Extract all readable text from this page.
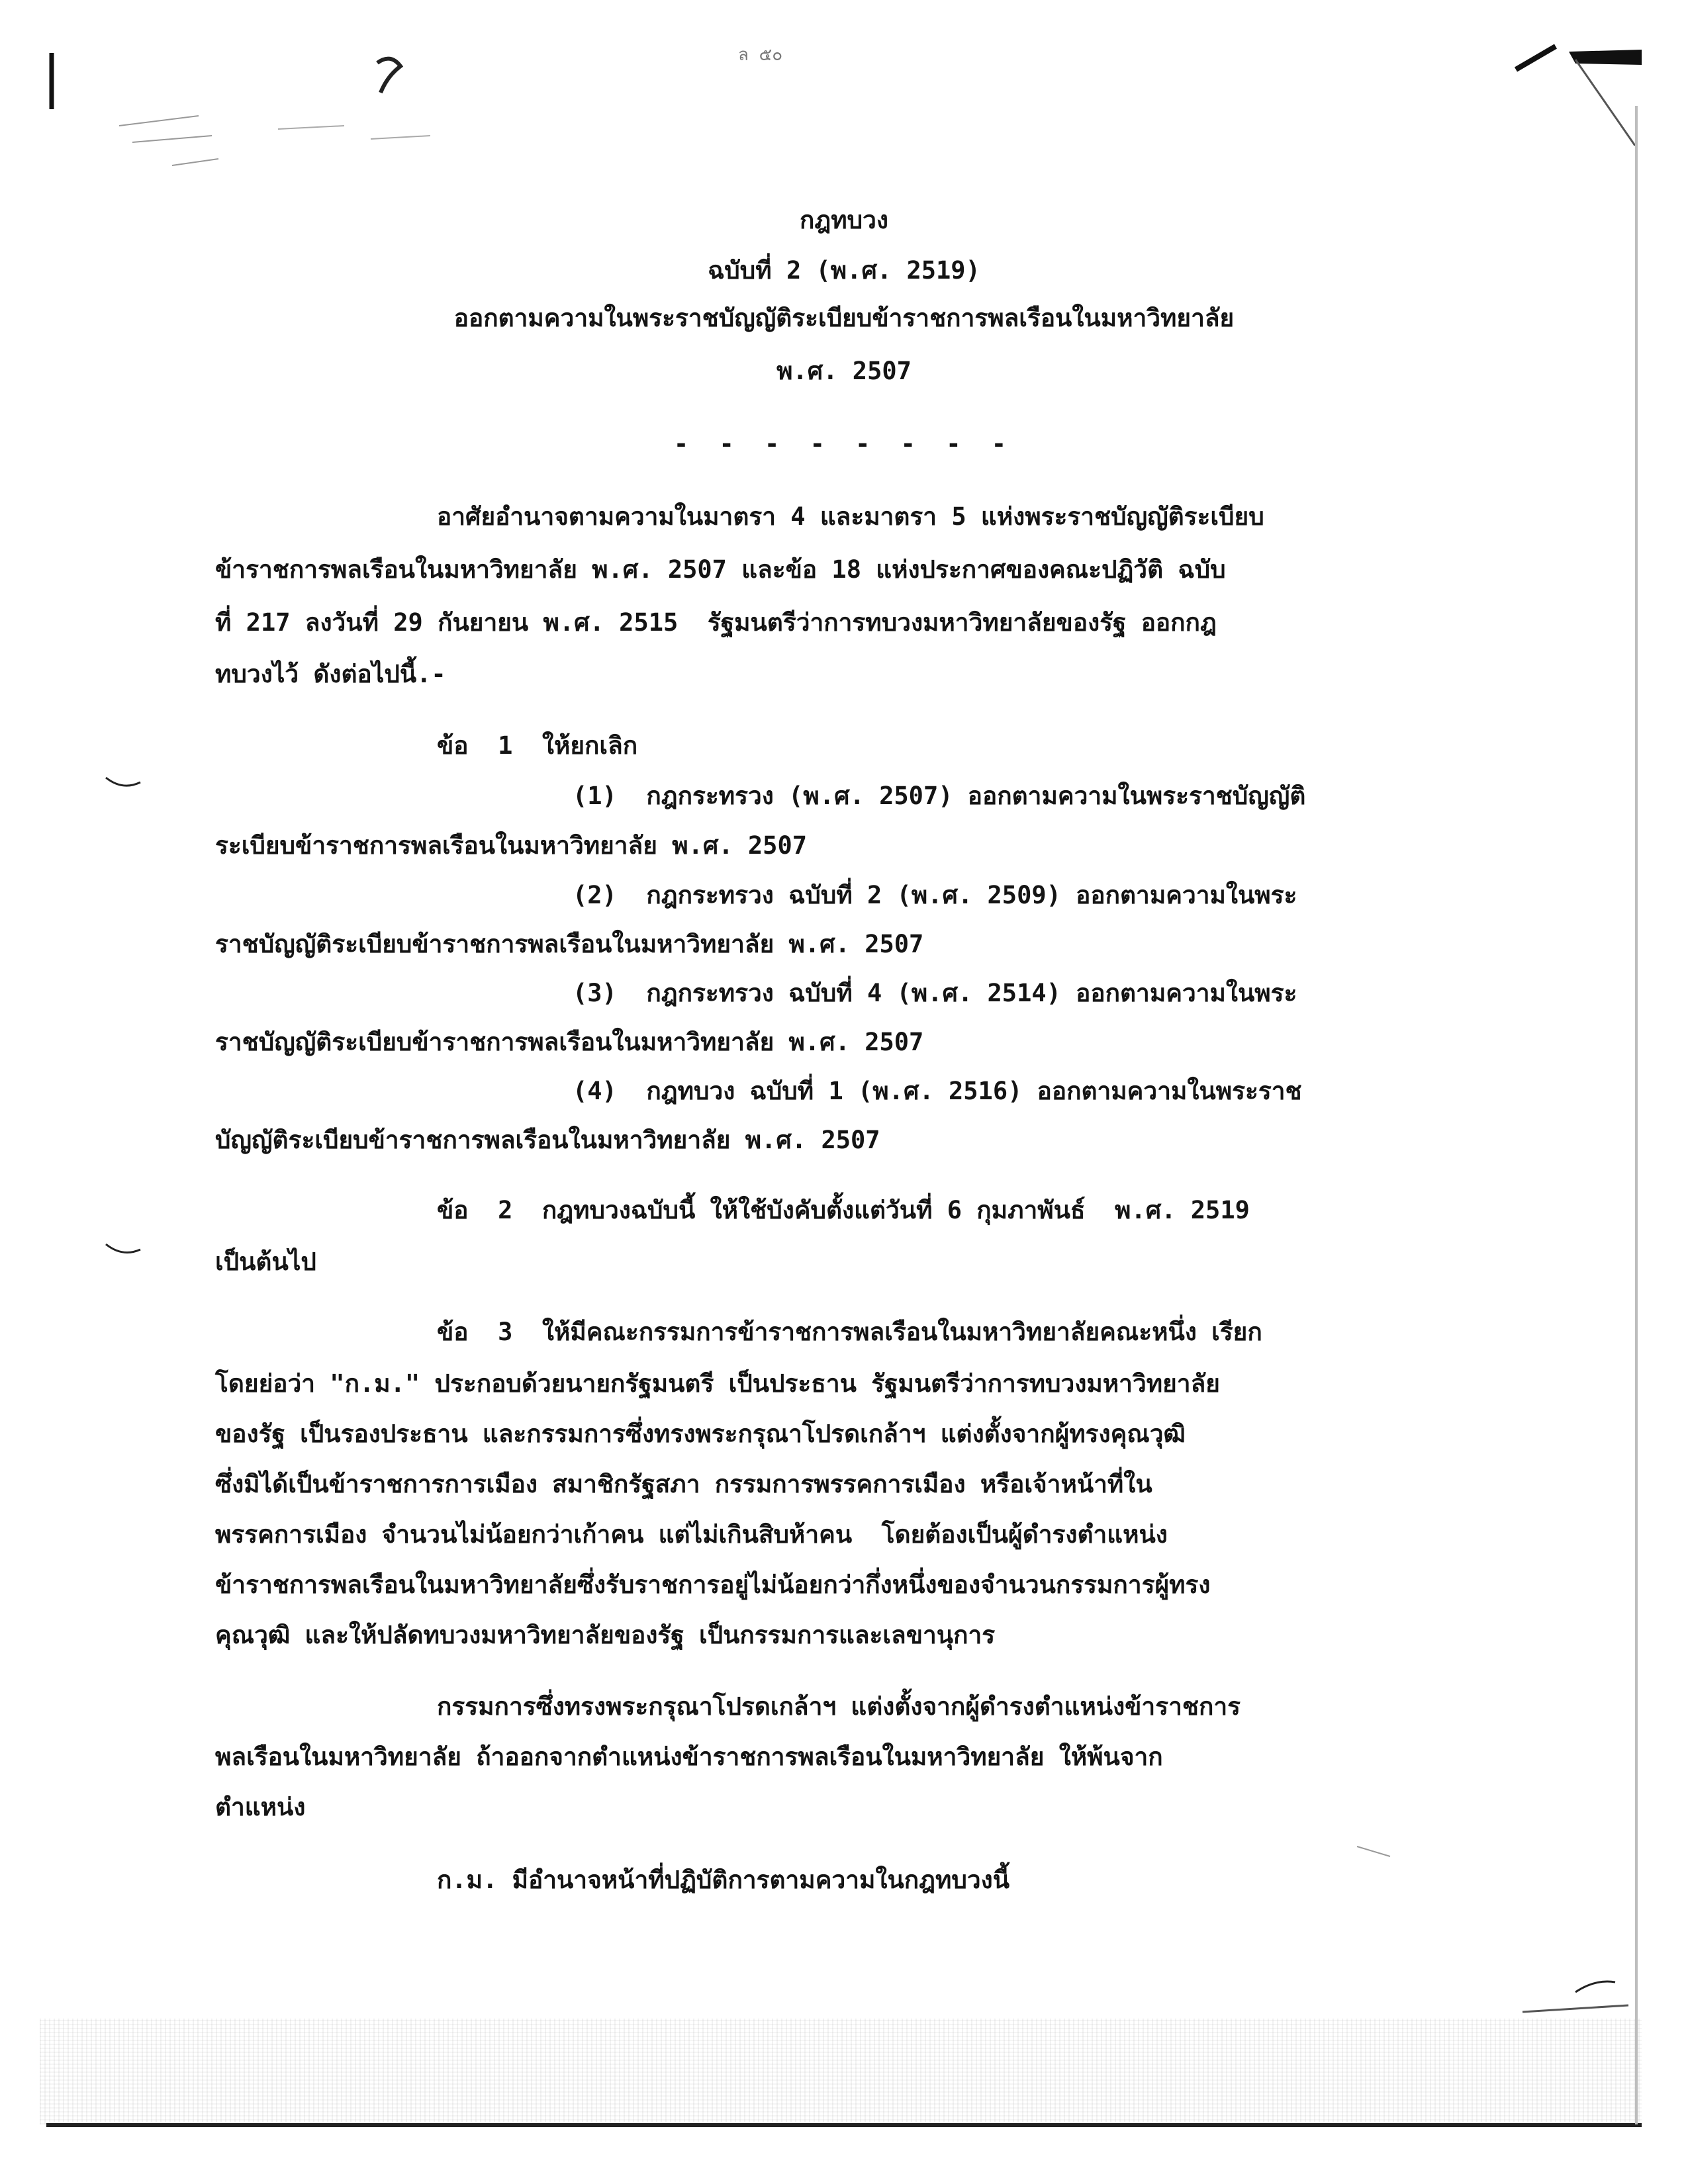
ล ๕๐
กฎทบวง
ฉบับที่ 2 (พ.ศ. 2519)
ออกตามความในพระราชบัญญัติระเบียบข้าราชการพลเรือนในมหาวิทยาลัย
พ.ศ. 2507
- - - - - - - -
อาศัยอำนาจตามความในมาตรา 4 และมาตรา 5 แห่งพระราชบัญญัติระเบียบ
ข้าราชการพลเรือนในมหาวิทยาลัย พ.ศ. 2507 และข้อ 18 แห่งประกาศของคณะปฏิวัติ ฉบับ
ที่ 217 ลงวันที่ 29 กันยายน พ.ศ. 2515  รัฐมนตรีว่าการทบวงมหาวิทยาลัยของรัฐ ออกกฎ
ทบวงไว้ ดังต่อไปนี้.-
ข้อ  1  ให้ยกเลิก
(1)  กฎกระทรวง (พ.ศ. 2507) ออกตามความในพระราชบัญญัติ
ระเบียบข้าราชการพลเรือนในมหาวิทยาลัย พ.ศ. 2507
(2)  กฎกระทรวง ฉบับที่ 2 (พ.ศ. 2509) ออกตามความในพระ
ราชบัญญัติระเบียบข้าราชการพลเรือนในมหาวิทยาลัย พ.ศ. 2507
(3)  กฎกระทรวง ฉบับที่ 4 (พ.ศ. 2514) ออกตามความในพระ
ราชบัญญัติระเบียบข้าราชการพลเรือนในมหาวิทยาลัย พ.ศ. 2507
(4)  กฎทบวง ฉบับที่ 1 (พ.ศ. 2516) ออกตามความในพระราช
บัญญัติระเบียบข้าราชการพลเรือนในมหาวิทยาลัย พ.ศ. 2507
ข้อ  2  กฎทบวงฉบับนี้ ให้ใช้บังคับตั้งแต่วันที่ 6 กุมภาพันธ์  พ.ศ. 2519
เป็นต้นไป
ข้อ  3  ให้มีคณะกรรมการข้าราชการพลเรือนในมหาวิทยาลัยคณะหนึ่ง เรียก
โดยย่อว่า "ก.ม." ประกอบด้วยนายกรัฐมนตรี เป็นประธาน รัฐมนตรีว่าการทบวงมหาวิทยาลัย
ของรัฐ เป็นรองประธาน และกรรมการซึ่งทรงพระกรุณาโปรดเกล้าฯ แต่งตั้งจากผู้ทรงคุณวุฒิ
ซึ่งมิได้เป็นข้าราชการการเมือง สมาชิกรัฐสภา กรรมการพรรคการเมือง หรือเจ้าหน้าที่ใน
พรรคการเมือง จำนวนไม่น้อยกว่าเก้าคน แต่ไม่เกินสิบห้าคน  โดยต้องเป็นผู้ดำรงตำแหน่ง
ข้าราชการพลเรือนในมหาวิทยาลัยซึ่งรับราชการอยู่ไม่น้อยกว่ากึ่งหนึ่งของจำนวนกรรมการผู้ทรง
คุณวุฒิ และให้ปลัดทบวงมหาวิทยาลัยของรัฐ เป็นกรรมการและเลขานุการ
กรรมการซึ่งทรงพระกรุณาโปรดเกล้าฯ แต่งตั้งจากผู้ดำรงตำแหน่งข้าราชการ
พลเรือนในมหาวิทยาลัย ถ้าออกจากตำแหน่งข้าราชการพลเรือนในมหาวิทยาลัย ให้พ้นจาก
ตำแหน่ง
ก.ม. มีอำนาจหน้าที่ปฏิบัติการตามความในกฎทบวงนี้
